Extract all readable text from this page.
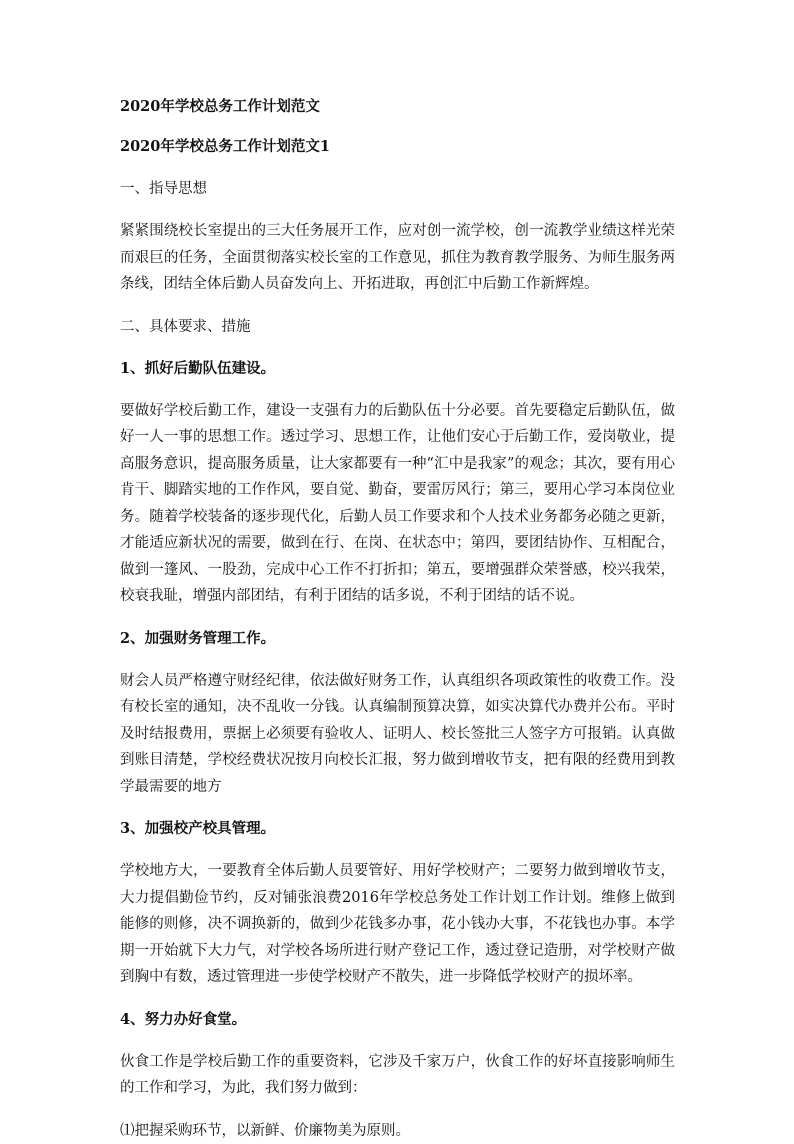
2020年学校总务工作计划范文

2020年学校总务工作计划范文1

一、指导思想

紧紧围绕校长室提出的三大任务展开工作，应对创一流学校，创一流教学业绩这样光荣而艰巨的任务，全面贯彻落实校长室的工作意见，抓住为教育教学服务、为师生服务两条线，团结全体后勤人员奋发向上、开拓进取，再创汇中后勤工作新辉煌。

二、具体要求、措施

1、抓好后勤队伍建设。

要做好学校后勤工作，建设一支强有力的后勤队伍十分必要。首先要稳定后勤队伍，做好一人一事的思想工作。透过学习、思想工作，让他们安心于后勤工作，爱岗敬业，提高服务意识，提高服务质量，让大家都要有一种“汇中是我家”的观念；其次，要有用心肯干、脚踏实地的工作作风，要自觉、勤奋，要雷厉风行；第三，要用心学习本岗位业务。随着学校装备的逐步现代化，后勤人员工作要求和个人技术业务都务必随之更新，才能适应新状况的需要，做到在行、在岗、在状态中；第四，要团结协作、互相配合，做到一篷风、一股劲，完成中心工作不打折扣；第五，要增强群众荣誉感，校兴我荣，校衰我耻，增强内部团结，有利于团结的话多说，不利于团结的话不说。

2、加强财务管理工作。

财会人员严格遵守财经纪律，依法做好财务工作，认真组织各项政策性的收费工作。没有校长室的通知，决不乱收一分钱。认真编制预算决算，如实决算代办费并公布。平时及时结报费用，票据上必须要有验收人、证明人、校长签批三人签字方可报销。认真做到账目清楚，学校经费状况按月向校长汇报，努力做到增收节支，把有限的经费用到教学最需要的地方

3、加强校产校具管理。

学校地方大，一要教育全体后勤人员要管好、用好学校财产；二要努力做到增收节支，大力提倡勤俭节约，反对铺张浪费2016年学校总务处工作计划工作计划。维修上做到能修的则修，决不调换新的，做到少花钱多办事，花小钱办大事，不花钱也办事。本学期一开始就下大力气，对学校各场所进行财产登记工作，透过登记造册，对学校财产做到胸中有数，透过管理进一步使学校财产不散失，进一步降低学校财产的损坏率。

4、努力办好食堂。

伙食工作是学校后勤工作的重要资料，它涉及千家万户，伙食工作的好坏直接影响师生的工作和学习，为此，我们努力做到：

⑴把握采购环节，以新鲜、价廉物美为原则。
